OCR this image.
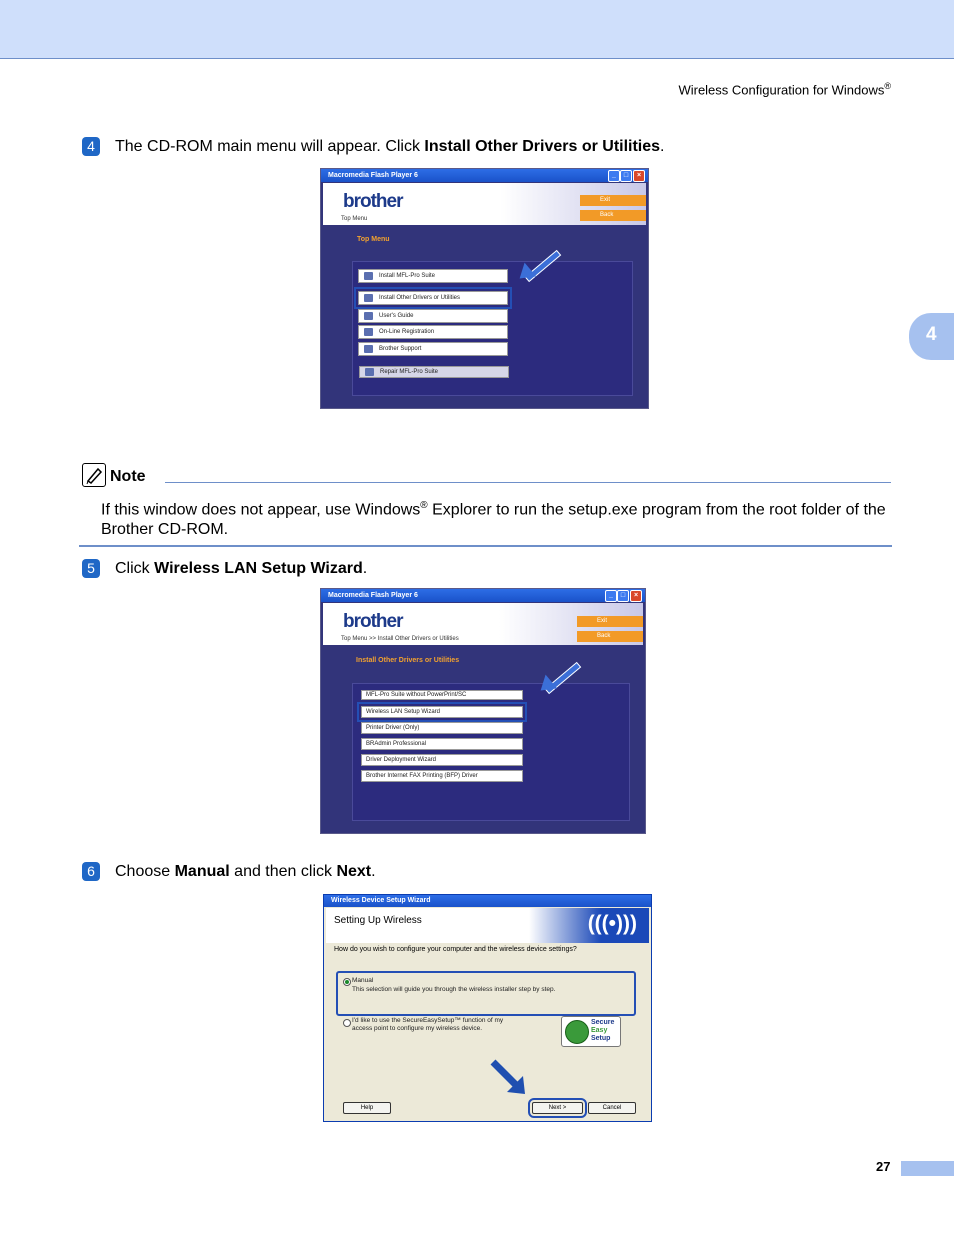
Wireless Configuration for Windows®
4
4	The CD-ROM main menu will appear. Click Install Other Drivers or Utilities.
Macromedia Flash Player 6	_	□	×
brother
Top Menu
Exit
Back
Top Menu
Install MFL-Pro Suite
Install Other Drivers or Utilities
User's Guide
On-Line Registration
Brother Support
Repair MFL-Pro Suite
Note
If this window does not appear, use Windows® Explorer to run the setup.exe program from the root folder of the Brother CD-ROM.
5	Click Wireless LAN Setup Wizard.
Macromedia Flash Player 6	_	□	×
brother
Top Menu >> Install Other Drivers or Utilities
Exit
Back
Install Other Drivers or Utilities
MFL-Pro Suite without PowerPrint/SC
Wireless LAN Setup Wizard
Printer Driver (Only)
BRAdmin Professional
Driver Deployment Wizard
Brother Internet FAX Printing (BFP) Driver
6	Choose Manual and then click Next.
Wireless Device Setup Wizard
Setting Up Wireless	(((•)))
How do you wish to configure your computer and the wireless device settings?
Manual
This selection will guide you through the wireless installer step by step.
I'd like to use the SecureEasySetup™ function of my
access point to configure my wireless device.
Secure
Easy
Setup
Help	Next >	Cancel
27
